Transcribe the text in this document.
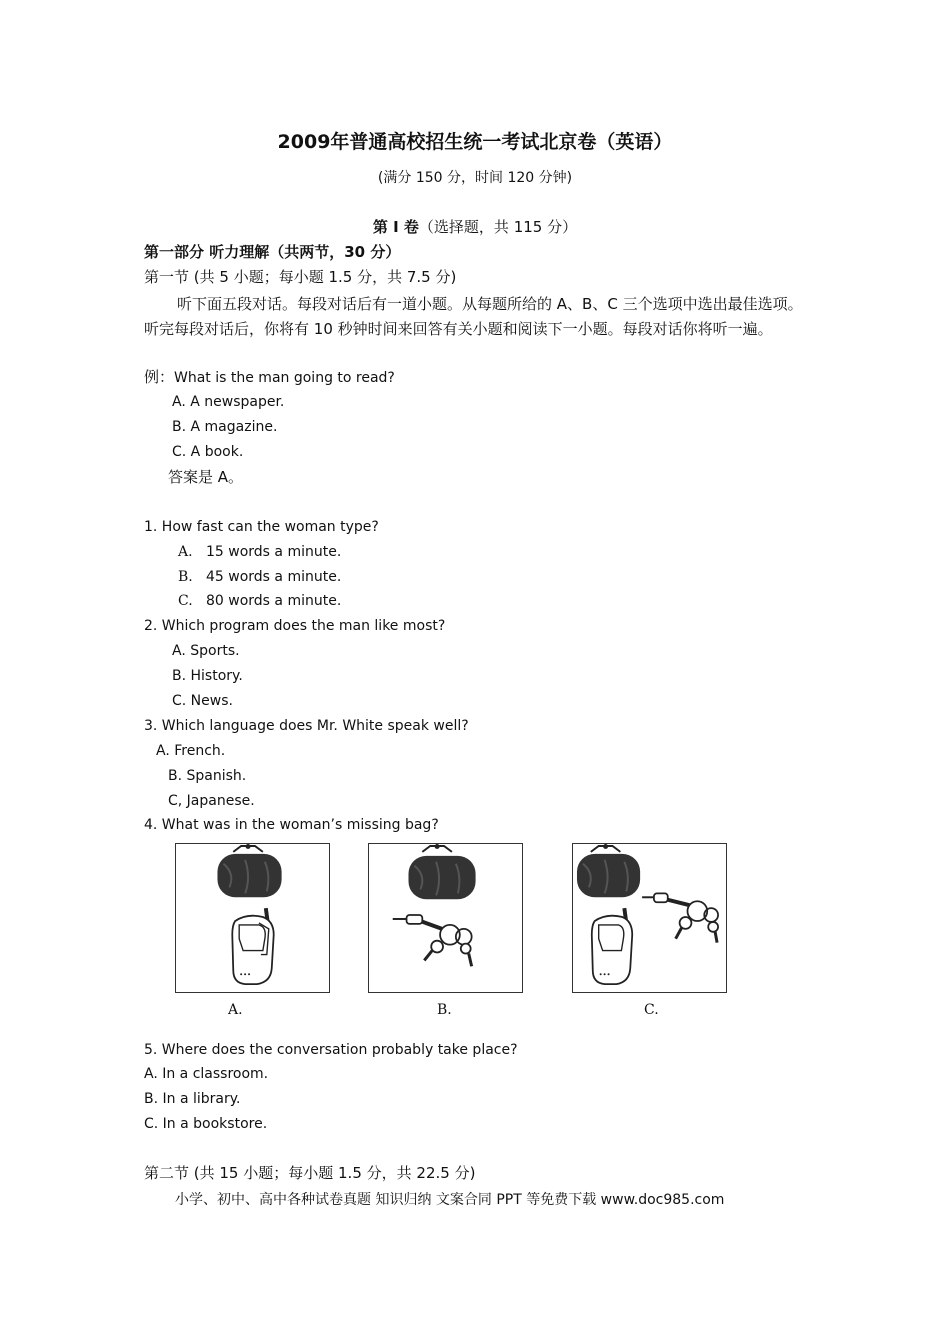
2009年普通高校招生统一考试北京卷（英语）
(满分 150 分，时间 120 分钟)
第 I 卷（选择题，共 115 分）
第一部分 听力理解（共两节，30 分）
第一节 (共 5 小题；每小题 1.5 分，共 7.5 分)
听下面五段对话。每段对话后有一道小题。从每题所给的 A、B、C 三个选项中选出最佳选项。听完每段对话后，你将有 10 秒钟时间来回答有关小题和阅读下一小题。每段对话你将听一遍。
例：What is the man going to read?
A. A newspaper.
B. A magazine.
C. A book.
答案是 A。
1. How fast can the woman type?
A. 15 words a minute.
B. 45 words a minute.
C. 80 words a minute.
2. Which program does the man like most?
A. Sports.
B. History.
C. News.
3. Which language does Mr. White speak well?
A. French.
B. Spanish.
C, Japanese.
4. What was in the woman’s missing bag?
A.	B.	C.
5. Where does the conversation probably take place?
A. In a classroom.
B. In a library.
C. In a bookstore.
第二节 (共 15 小题；每小题 1.5 分，共 22.5 分)
小学、初中、高中各种试卷真题 知识归纳 文案合同 PPT 等免费下载 www.doc985.com
